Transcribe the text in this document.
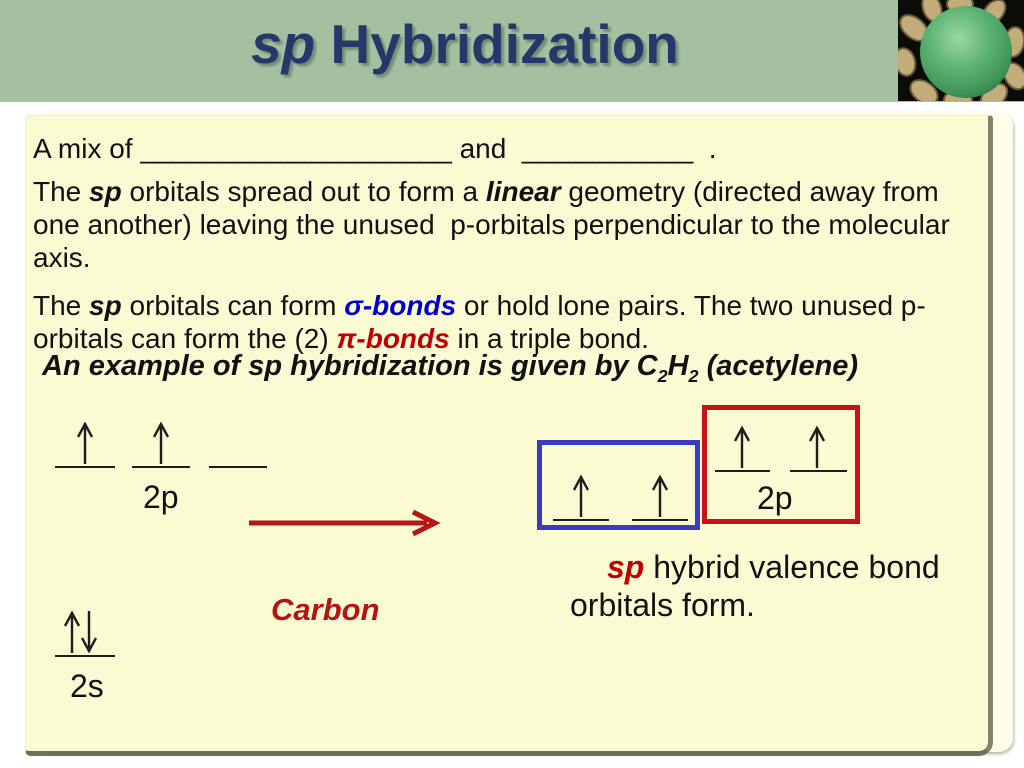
sp Hybridization
A mix of ____________________ and  ___________  .
The sp orbitals spread out to form a linear geometry (directed away from
one another) leaving the unused  p-orbitals perpendicular to the molecular
axis.
The sp orbitals can form σ-bonds or hold lone pairs. The two unused p-
orbitals can form the (2) π-bonds in a triple bond.
An example of sp hybridization is given by $C_2H_2$ (acetylene)
2p
Carbon
2s
2p
sp hybrid valence bond
orbitals form.
